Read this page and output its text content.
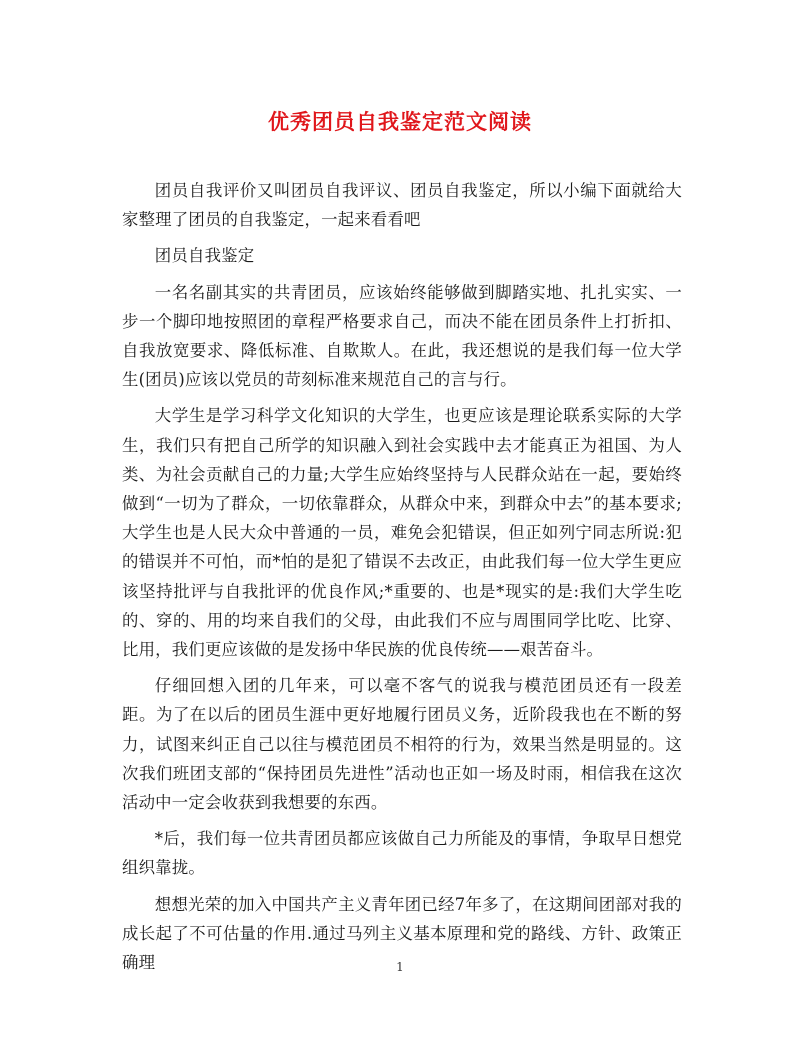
优秀团员自我鉴定范文阅读

团员自我评价又叫团员自我评议、团员自我鉴定，所以小编下面就给大家整理了团员的自我鉴定，一起来看看吧

团员自我鉴定

一名名副其实的共青团员，应该始终能够做到脚踏实地、扎扎实实、一步一个脚印地按照团的章程严格要求自己，而决不能在团员条件上打折扣、自我放宽要求、降低标准、自欺欺人。在此，我还想说的是我们每一位大学生(团员)应该以党员的苛刻标准来规范自己的言与行。

大学生是学习科学文化知识的大学生，也更应该是理论联系实际的大学生，我们只有把自己所学的知识融入到社会实践中去才能真正为祖国、为人类、为社会贡献自己的力量;大学生应始终坚持与人民群众站在一起，要始终做到“一切为了群众，一切依靠群众，从群众中来，到群众中去”的基本要求;大学生也是人民大众中普通的一员，难免会犯错误，但正如列宁同志所说:犯的错误并不可怕，而*怕的是犯了错误不去改正，由此我们每一位大学生更应该坚持批评与自我批评的优良作风;*重要的、也是*现实的是:我们大学生吃的、穿的、用的均来自我们的父母，由此我们不应与周围同学比吃、比穿、比用，我们更应该做的是发扬中华民族的优良传统——艰苦奋斗。

仔细回想入团的几年来，可以毫不客气的说我与模范团员还有一段差距。为了在以后的团员生涯中更好地履行团员义务，近阶段我也在不断的努力，试图来纠正自己以往与模范团员不相符的行为，效果当然是明显的。这次我们班团支部的“保持团员先进性”活动也正如一场及时雨，相信我在这次活动中一定会收获到我想要的东西。

*后，我们每一位共青团员都应该做自己力所能及的事情，争取早日想党组织靠拢。

想想光荣的加入中国共产主义青年团已经7年多了，在这期间团部对我的成长起了不可估量的作用.通过马列主义基本原理和党的路线、方针、政策正确理	1
